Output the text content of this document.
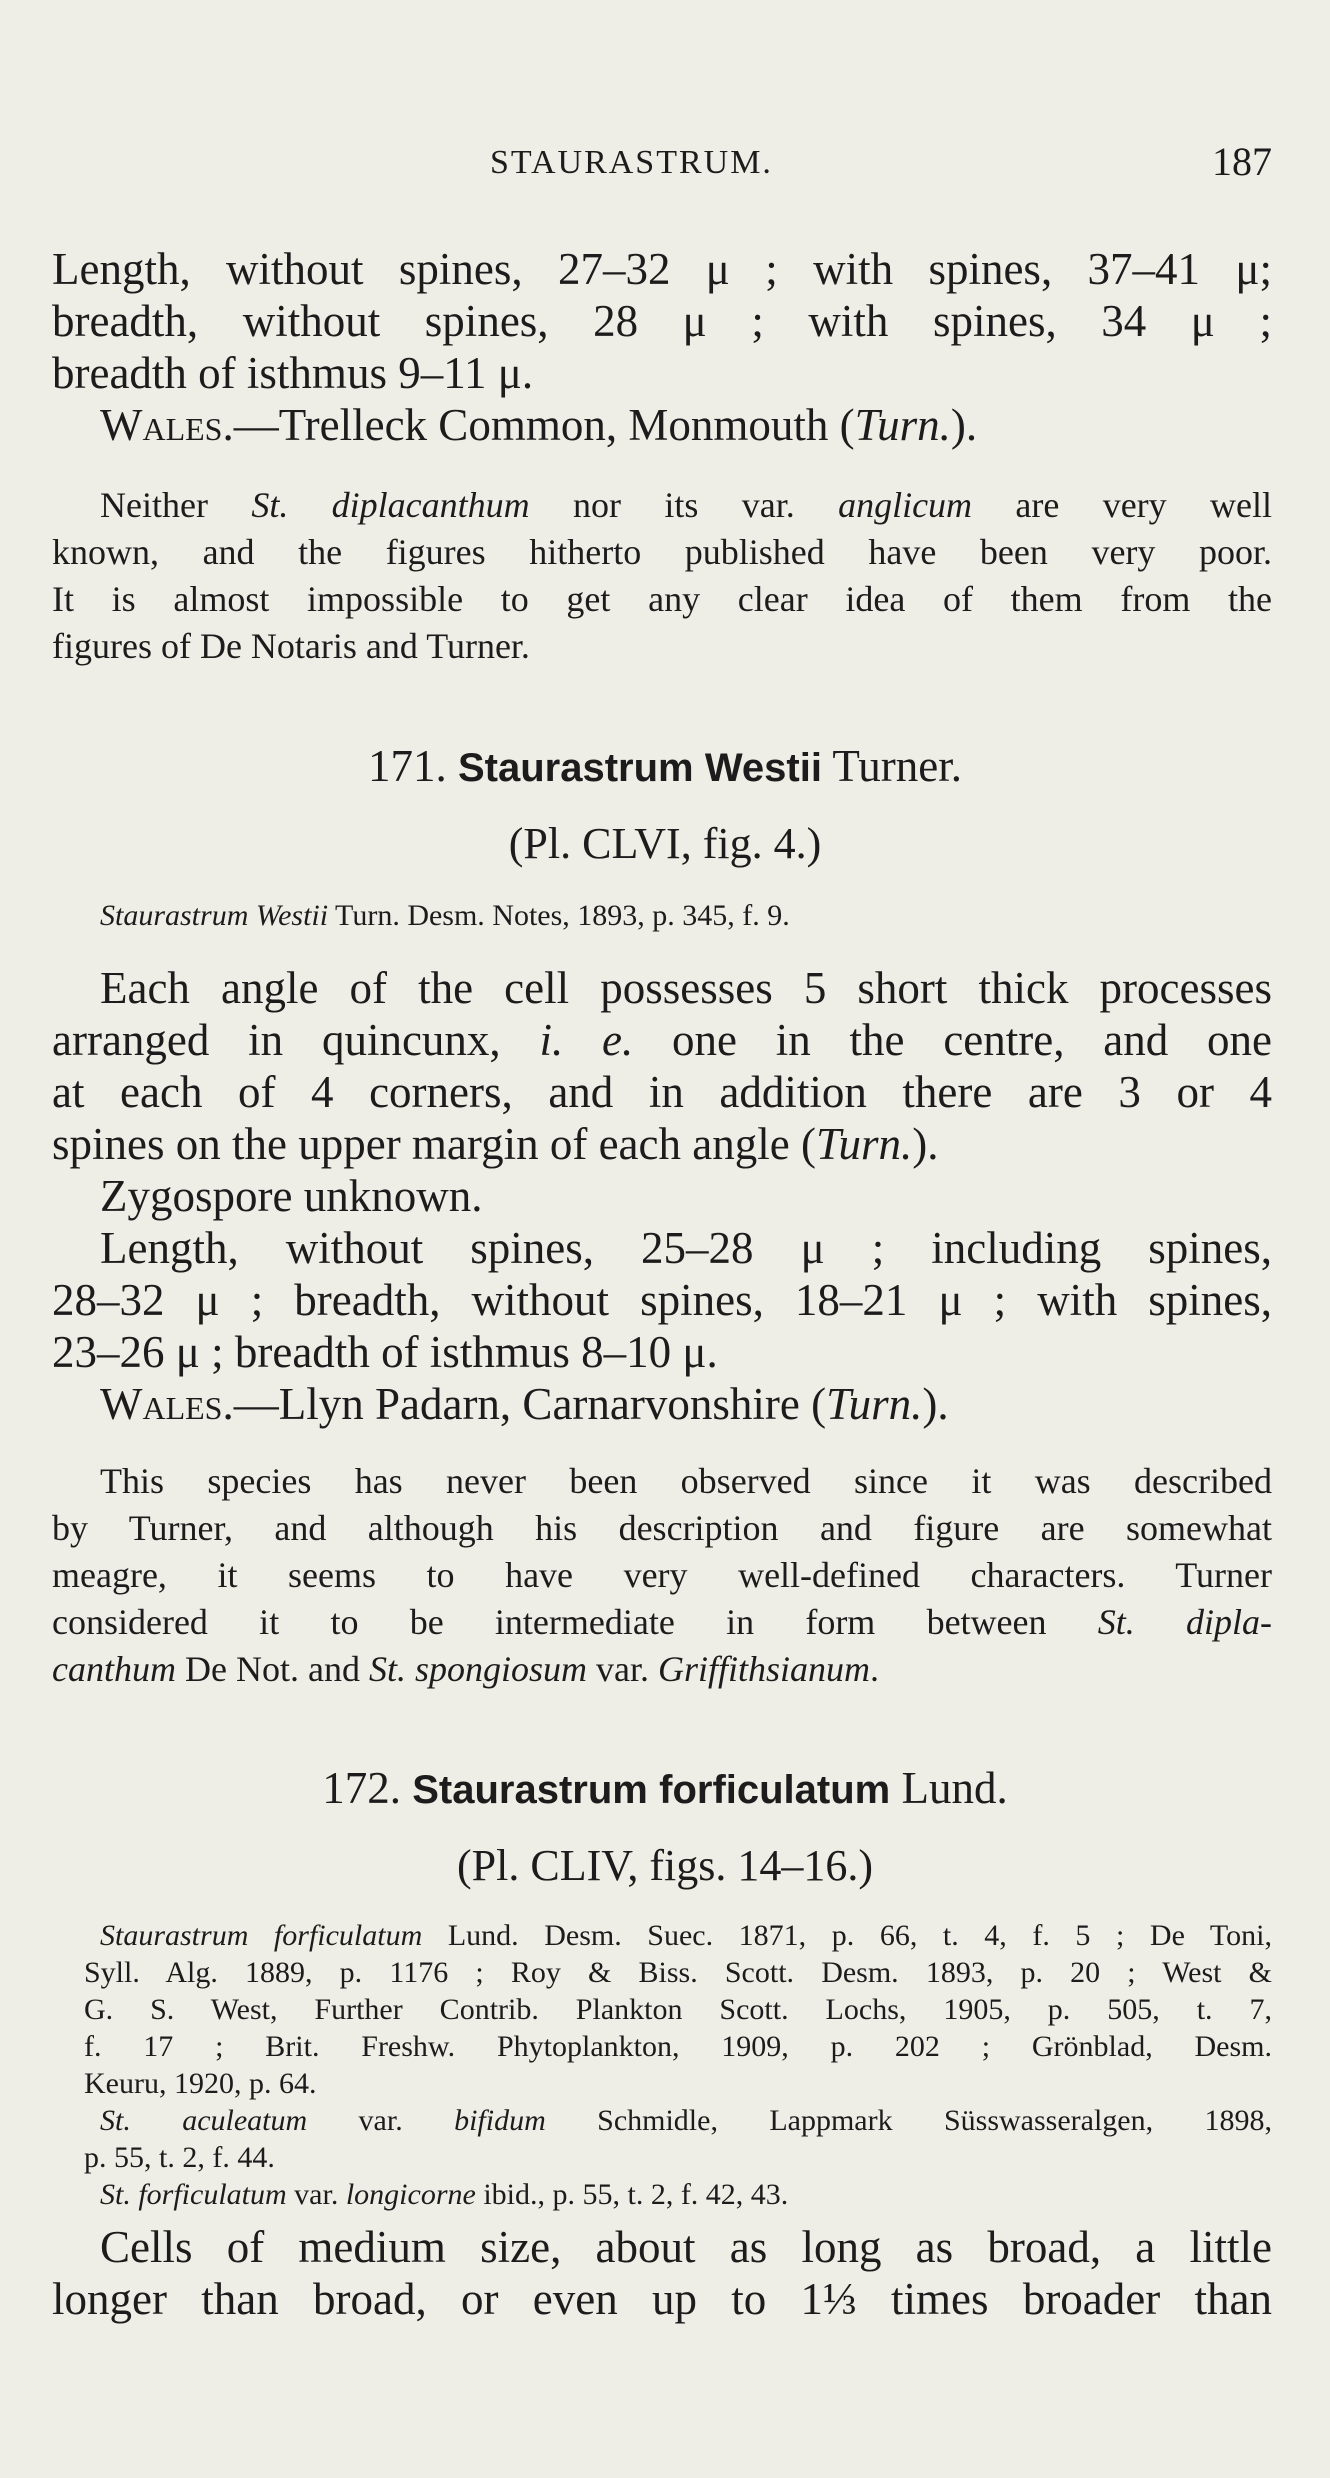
STAURASTRUM.	187
Length, without spines, 27–32 μ ; with spines, 37–41 μ;
breadth, without spines, 28 μ ; with spines, 34 μ ;
breadth of isthmus 9–11 μ.
Wales.—Trelleck Common, Monmouth (Turn.).
Neither St. diplacanthum nor its var. anglicum are very well
known, and the figures hitherto published have been very poor.
It is almost impossible to get any clear idea of them from the
figures of De Notaris and Turner.
171. Staurastrum Westii Turner.
(Pl. CLVI, fig. 4.)
Staurastrum Westii Turn. Desm. Notes, 1893, p. 345, f. 9.
Each angle of the cell possesses 5 short thick processes
arranged in quincunx, i. e. one in the centre, and one
at each of 4 corners, and in addition there are 3 or 4
spines on the upper margin of each angle (Turn.).
Zygospore unknown.
Length, without spines, 25–28 μ ; including spines,
28–32 μ ; breadth, without spines, 18–21 μ ; with spines,
23–26 μ ; breadth of isthmus 8–10 μ.
Wales.—Llyn Padarn, Carnarvonshire (Turn.).
This species has never been observed since it was described
by Turner, and although his description and figure are somewhat
meagre, it seems to have very well-defined characters. Turner
considered it to be intermediate in form between St. dipla-
canthum De Not. and St. spongiosum var. Griffithsianum.
172. Staurastrum forficulatum Lund.
(Pl. CLIV, figs. 14–16.)
Staurastrum forficulatum Lund. Desm. Suec. 1871, p. 66, t. 4, f. 5 ; De Toni,
Syll. Alg. 1889, p. 1176 ; Roy & Biss. Scott. Desm. 1893, p. 20 ; West &
G. S. West, Further Contrib. Plankton Scott. Lochs, 1905, p. 505, t. 7,
f. 17 ; Brit. Freshw. Phytoplankton, 1909, p. 202 ; Grönblad, Desm.
Keuru, 1920, p. 64.
St. aculeatum var. bifidum Schmidle, Lappmark Süsswasseralgen, 1898,
p. 55, t. 2, f. 44.
St. forficulatum var. longicorne ibid., p. 55, t. 2, f. 42, 43.
Cells of medium size, about as long as broad, a little
longer than broad, or even up to 1⅓ times broader than
